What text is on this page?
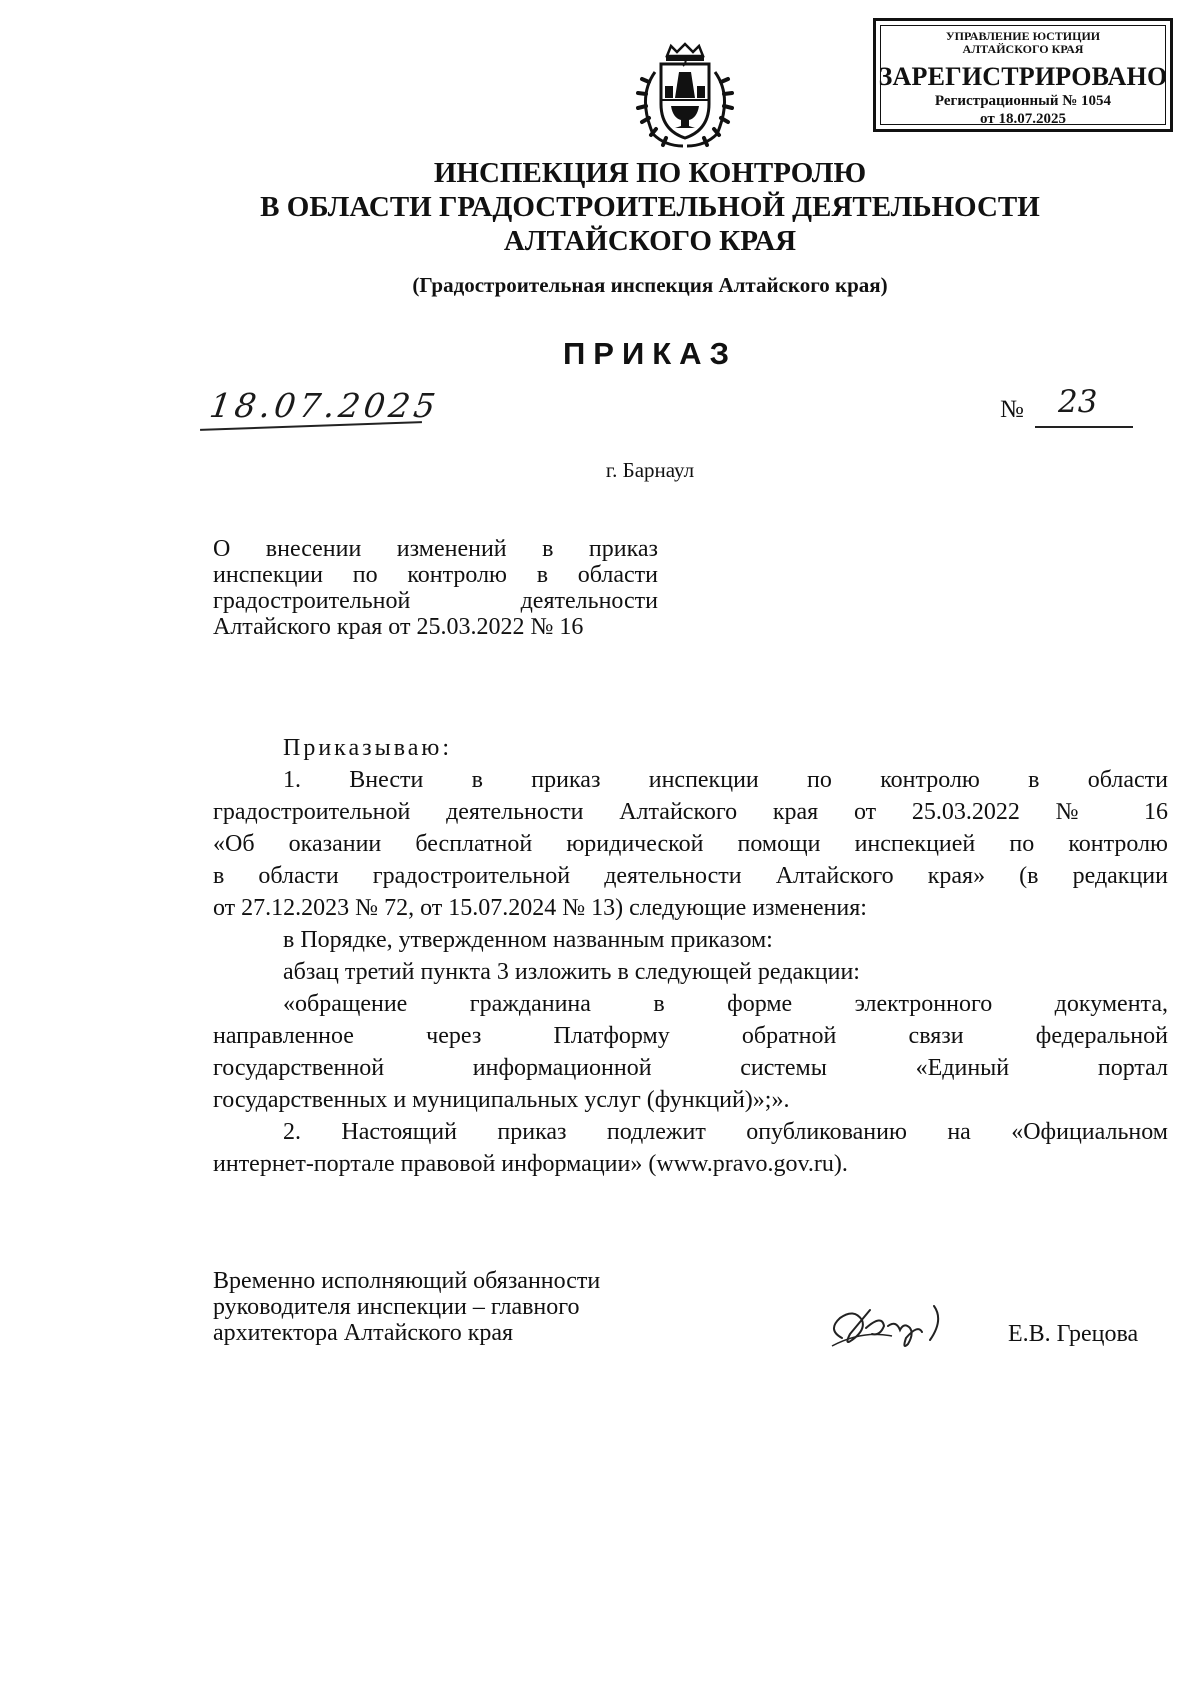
УПРАВЛЕНИЕ ЮСТИЦИИ
АЛТАЙСКОГО КРАЯ
ЗАРЕГИСТРИРОВАНО
Регистрационный № 1054
от 18.07.2025
ИНСПЕКЦИЯ ПО КОНТРОЛЮ
В ОБЛАСТИ ГРАДОСТРОИТЕЛЬНОЙ ДЕЯТЕЛЬНОСТИ
АЛТАЙСКОГО КРАЯ
(Градостроительная инспекция Алтайского края)
ПРИКАЗ
18.07.2025	№ 23
г. Барнаул

О внесении изменений в приказ

инспекции по контролю в области

градостроительной деятельности

Алтайского края от 25.03.2022 № 16

Приказываю:

1. Внести в приказ инспекции по контролю в области

градостроительной деятельности Алтайского края от 25.03.2022 № 16

«Об оказании бесплатной юридической помощи инспекцией по контролю

в области градостроительной деятельности Алтайского края» (в редакции

от 27.12.2023 № 72, от 15.07.2024 № 13) следующие изменения:

в Порядке, утвержденном названным приказом:

абзац третий пункта 3 изложить в следующей редакции:

«обращение гражданина в форме электронного документа,

направленное через Платформу обратной связи федеральной

государственной информационной системы «Единый портал

государственных и муниципальных услуг (функций)»;».

2. Настоящий приказ подлежит опубликованию на «Официальном

интернет-портале правовой информации» (www.pravo.gov.ru).

Временно исполняющий обязанности
руководителя инспекции – главного
архитектора Алтайского края	Е.В. Грецова
